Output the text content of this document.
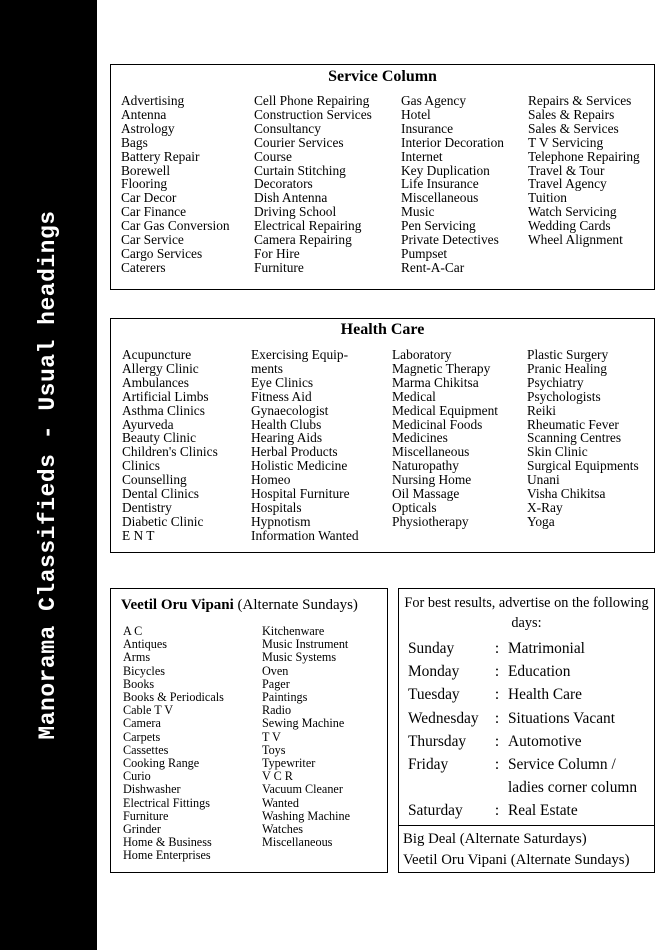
Manorama Classifieds - Usual headings
Service Column
Advertising
Antenna
Astrology
Bags
Battery Repair
Borewell
Flooring
Car Decor
Car Finance
Car Gas Conversion
Car Service
Cargo Services
Caterers
Cell Phone Repairing
Construction Services
Consultancy
Courier Services
Course
Curtain Stitching
Decorators
Dish Antenna
Driving School
Electrical Repairing
Camera Repairing
For Hire
Furniture
Gas Agency
Hotel
Insurance
Interior Decoration
Internet
Key Duplication
Life Insurance
Miscellaneous
Music
Pen Servicing
Private Detectives
Pumpset
Rent-A-Car
Repairs & Services
Sales & Repairs
Sales & Services
T V Servicing
Telephone Repairing
Travel & Tour
Travel Agency
Tuition
Watch Servicing
Wedding Cards
Wheel Alignment
Health Care
Acupuncture
Allergy Clinic
Ambulances
Artificial Limbs
Asthma Clinics
Ayurveda
Beauty Clinic
Children's Clinics
Clinics
Counselling
Dental Clinics
Dentistry
Diabetic Clinic
E N T
Exercising Equip-
ments
Eye Clinics
Fitness Aid
Gynaecologist
Health Clubs
Hearing Aids
Herbal Products
Holistic Medicine
Homeo
Hospital Furniture
Hospitals
Hypnotism
Information Wanted
Laboratory
Magnetic Therapy
Marma Chikitsa
Medical
Medical Equipment
Medicinal Foods
Medicines
Miscellaneous
Naturopathy
Nursing Home
Oil Massage
Opticals
Physiotherapy
Plastic Surgery
Pranic Healing
Psychiatry
Psychologists
Reiki
Rheumatic Fever
Scanning Centres
Skin Clinic
Surgical Equipments
Unani
Visha Chikitsa
X-Ray
Yoga
Veetil Oru Vipani (Alternate Sundays)
A C
Antiques
Arms
Bicycles
Books
Books & Periodicals
Cable T V
Camera
Carpets
Cassettes
Cooking Range
Curio
Dishwasher
Electrical Fittings
Furniture
Grinder
Home & Business
Home Enterprises
Kitchenware
Music Instrument
Music Systems
Oven
Pager
Paintings
Radio
Sewing Machine
T V
Toys
Typewriter
V C R
Vacuum Cleaner
Wanted
Washing Machine
Watches
Miscellaneous
For best results, advertise on the following days:
Sunday	:	Matrimonial
Monday	:	Education
Tuesday	:	Health Care
Wednesday	:	Situations Vacant
Thursday	:	Automotive
Friday	:	Service Column / ladies corner column
Saturday	:	Real Estate
Big Deal (Alternate Saturdays)
Veetil Oru Vipani (Alternate Sundays)
